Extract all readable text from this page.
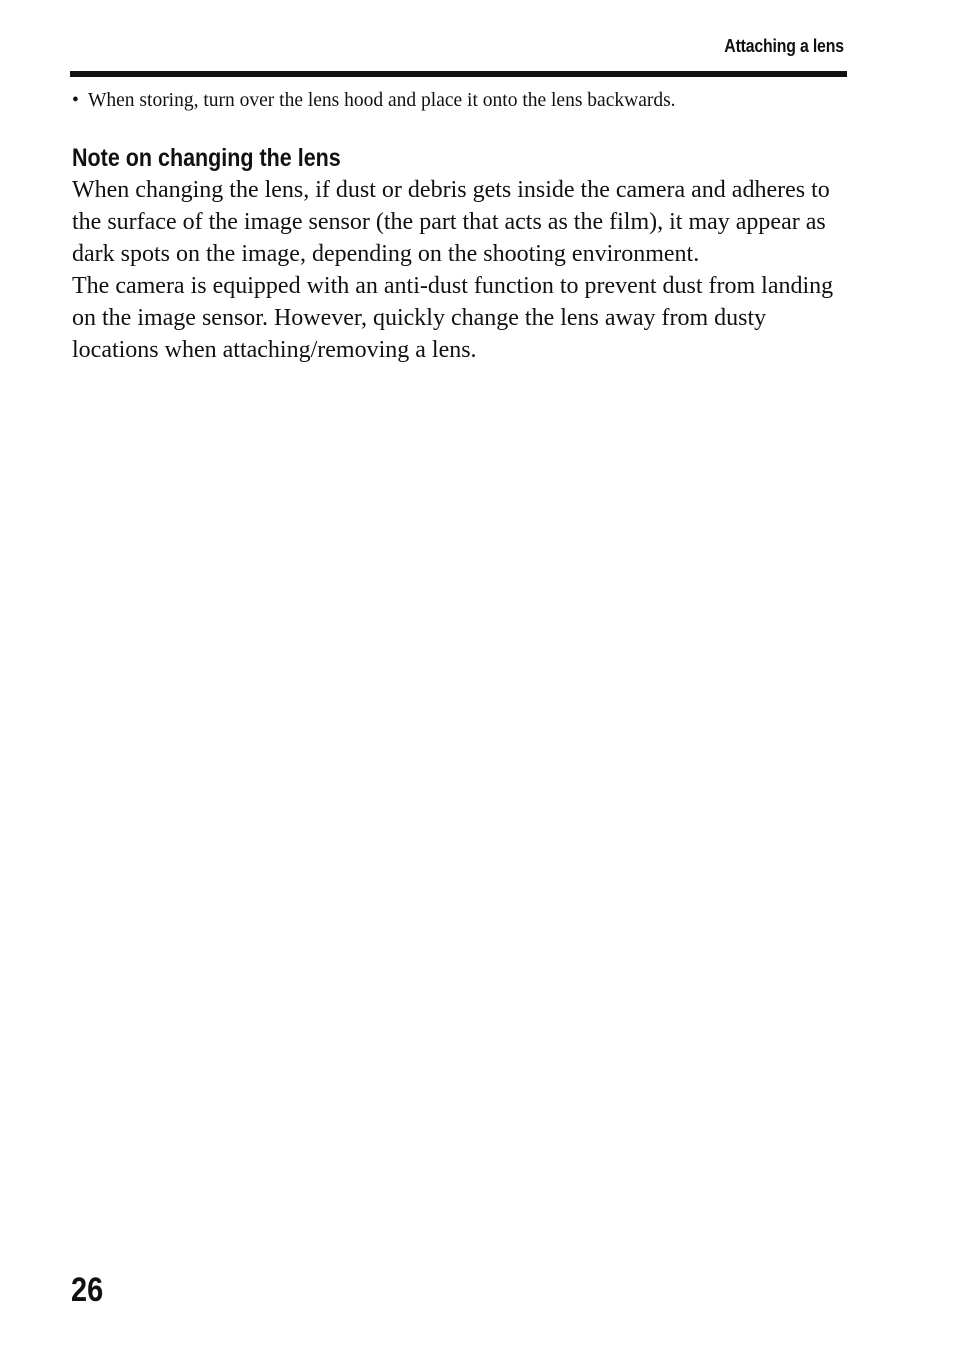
Attaching a lens
• When storing, turn over the lens hood and place it onto the lens backwards.
Note on changing the lens

When changing the lens, if dust or debris gets inside the camera and adheres to the surface of the image sensor (the part that acts as the film), it may appear as dark spots on the image, depending on the shooting environment.

The camera is equipped with an anti-dust function to prevent dust from landing on the image sensor. However, quickly change the lens away from dusty locations when attaching/removing a lens.

26
